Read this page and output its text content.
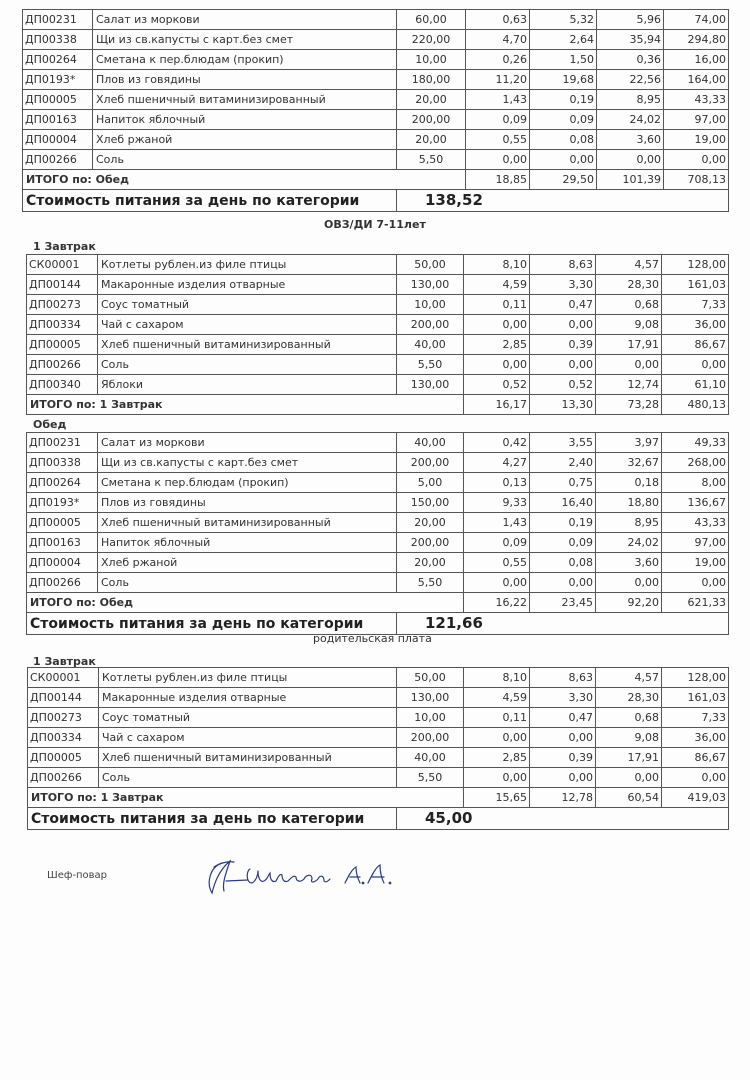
ДП00231	Салат из моркови	60,00	0,63	5,32	5,96	74,00
ДП00338	Щи из св.капусты с карт.без смет	220,00	4,70	2,64	35,94	294,80
ДП00264	Сметана к пер.блюдам (прокип)	10,00	0,26	1,50	0,36	16,00
ДП0193*	Плов из говядины	180,00	11,20	19,68	22,56	164,00
ДП00005	Хлеб пшеничный витаминизированный	20,00	1,43	0,19	8,95	43,33
ДП00163	Напиток яблочный	200,00	0,09	0,09	24,02	97,00
ДП00004	Хлеб ржаной	20,00	0,55	0,08	3,60	19,00
ДП00266	Соль	5,50	0,00	0,00	0,00	0,00
ИТОГО по: Обед			18,85	29,50	101,39	708,13
Стоимость питания за день по категории		138,52				
ОВЗ/ДИ 7-11лет
1 Завтрак
СК00001	Котлеты рублен.из филе птицы	50,00	8,10	8,63	4,57	128,00
ДП00144	Макаронные изделия отварные	130,00	4,59	3,30	28,30	161,03
ДП00273	Соус томатный	10,00	0,11	0,47	0,68	7,33
ДП00334	Чай с сахаром	200,00	0,00	0,00	9,08	36,00
ДП00005	Хлеб пшеничный витаминизированный	40,00	2,85	0,39	17,91	86,67
ДП00266	Соль	5,50	0,00	0,00	0,00	0,00
ДП00340	Яблоки	130,00	0,52	0,52	12,74	61,10
ИТОГО по: 1 Завтрак			16,17	13,30	73,28	480,13
Обед
ДП00231	Салат из моркови	40,00	0,42	3,55	3,97	49,33
ДП00338	Щи из св.капусты с карт.без смет	200,00	4,27	2,40	32,67	268,00
ДП00264	Сметана к пер.блюдам (прокип)	5,00	0,13	0,75	0,18	8,00
ДП0193*	Плов из говядины	150,00	9,33	16,40	18,80	136,67
ДП00005	Хлеб пшеничный витаминизированный	20,00	1,43	0,19	8,95	43,33
ДП00163	Напиток яблочный	200,00	0,09	0,09	24,02	97,00
ДП00004	Хлеб ржаной	20,00	0,55	0,08	3,60	19,00
ДП00266	Соль	5,50	0,00	0,00	0,00	0,00
ИТОГО по: Обед			16,22	23,45	92,20	621,33
Стоимость питания за день по категории		121,66				
родительская плата
1 Завтрак
СК00001	Котлеты рублен.из филе птицы	50,00	8,10	8,63	4,57	128,00
ДП00144	Макаронные изделия отварные	130,00	4,59	3,30	28,30	161,03
ДП00273	Соус томатный	10,00	0,11	0,47	0,68	7,33
ДП00334	Чай с сахаром	200,00	0,00	0,00	9,08	36,00
ДП00005	Хлеб пшеничный витаминизированный	40,00	2,85	0,39	17,91	86,67
ДП00266	Соль	5,50	0,00	0,00	0,00	0,00
ИТОГО по: 1 Завтрак			15,65	12,78	60,54	419,03
Стоимость питания за день по категории		45,00				
Шеф-повар
